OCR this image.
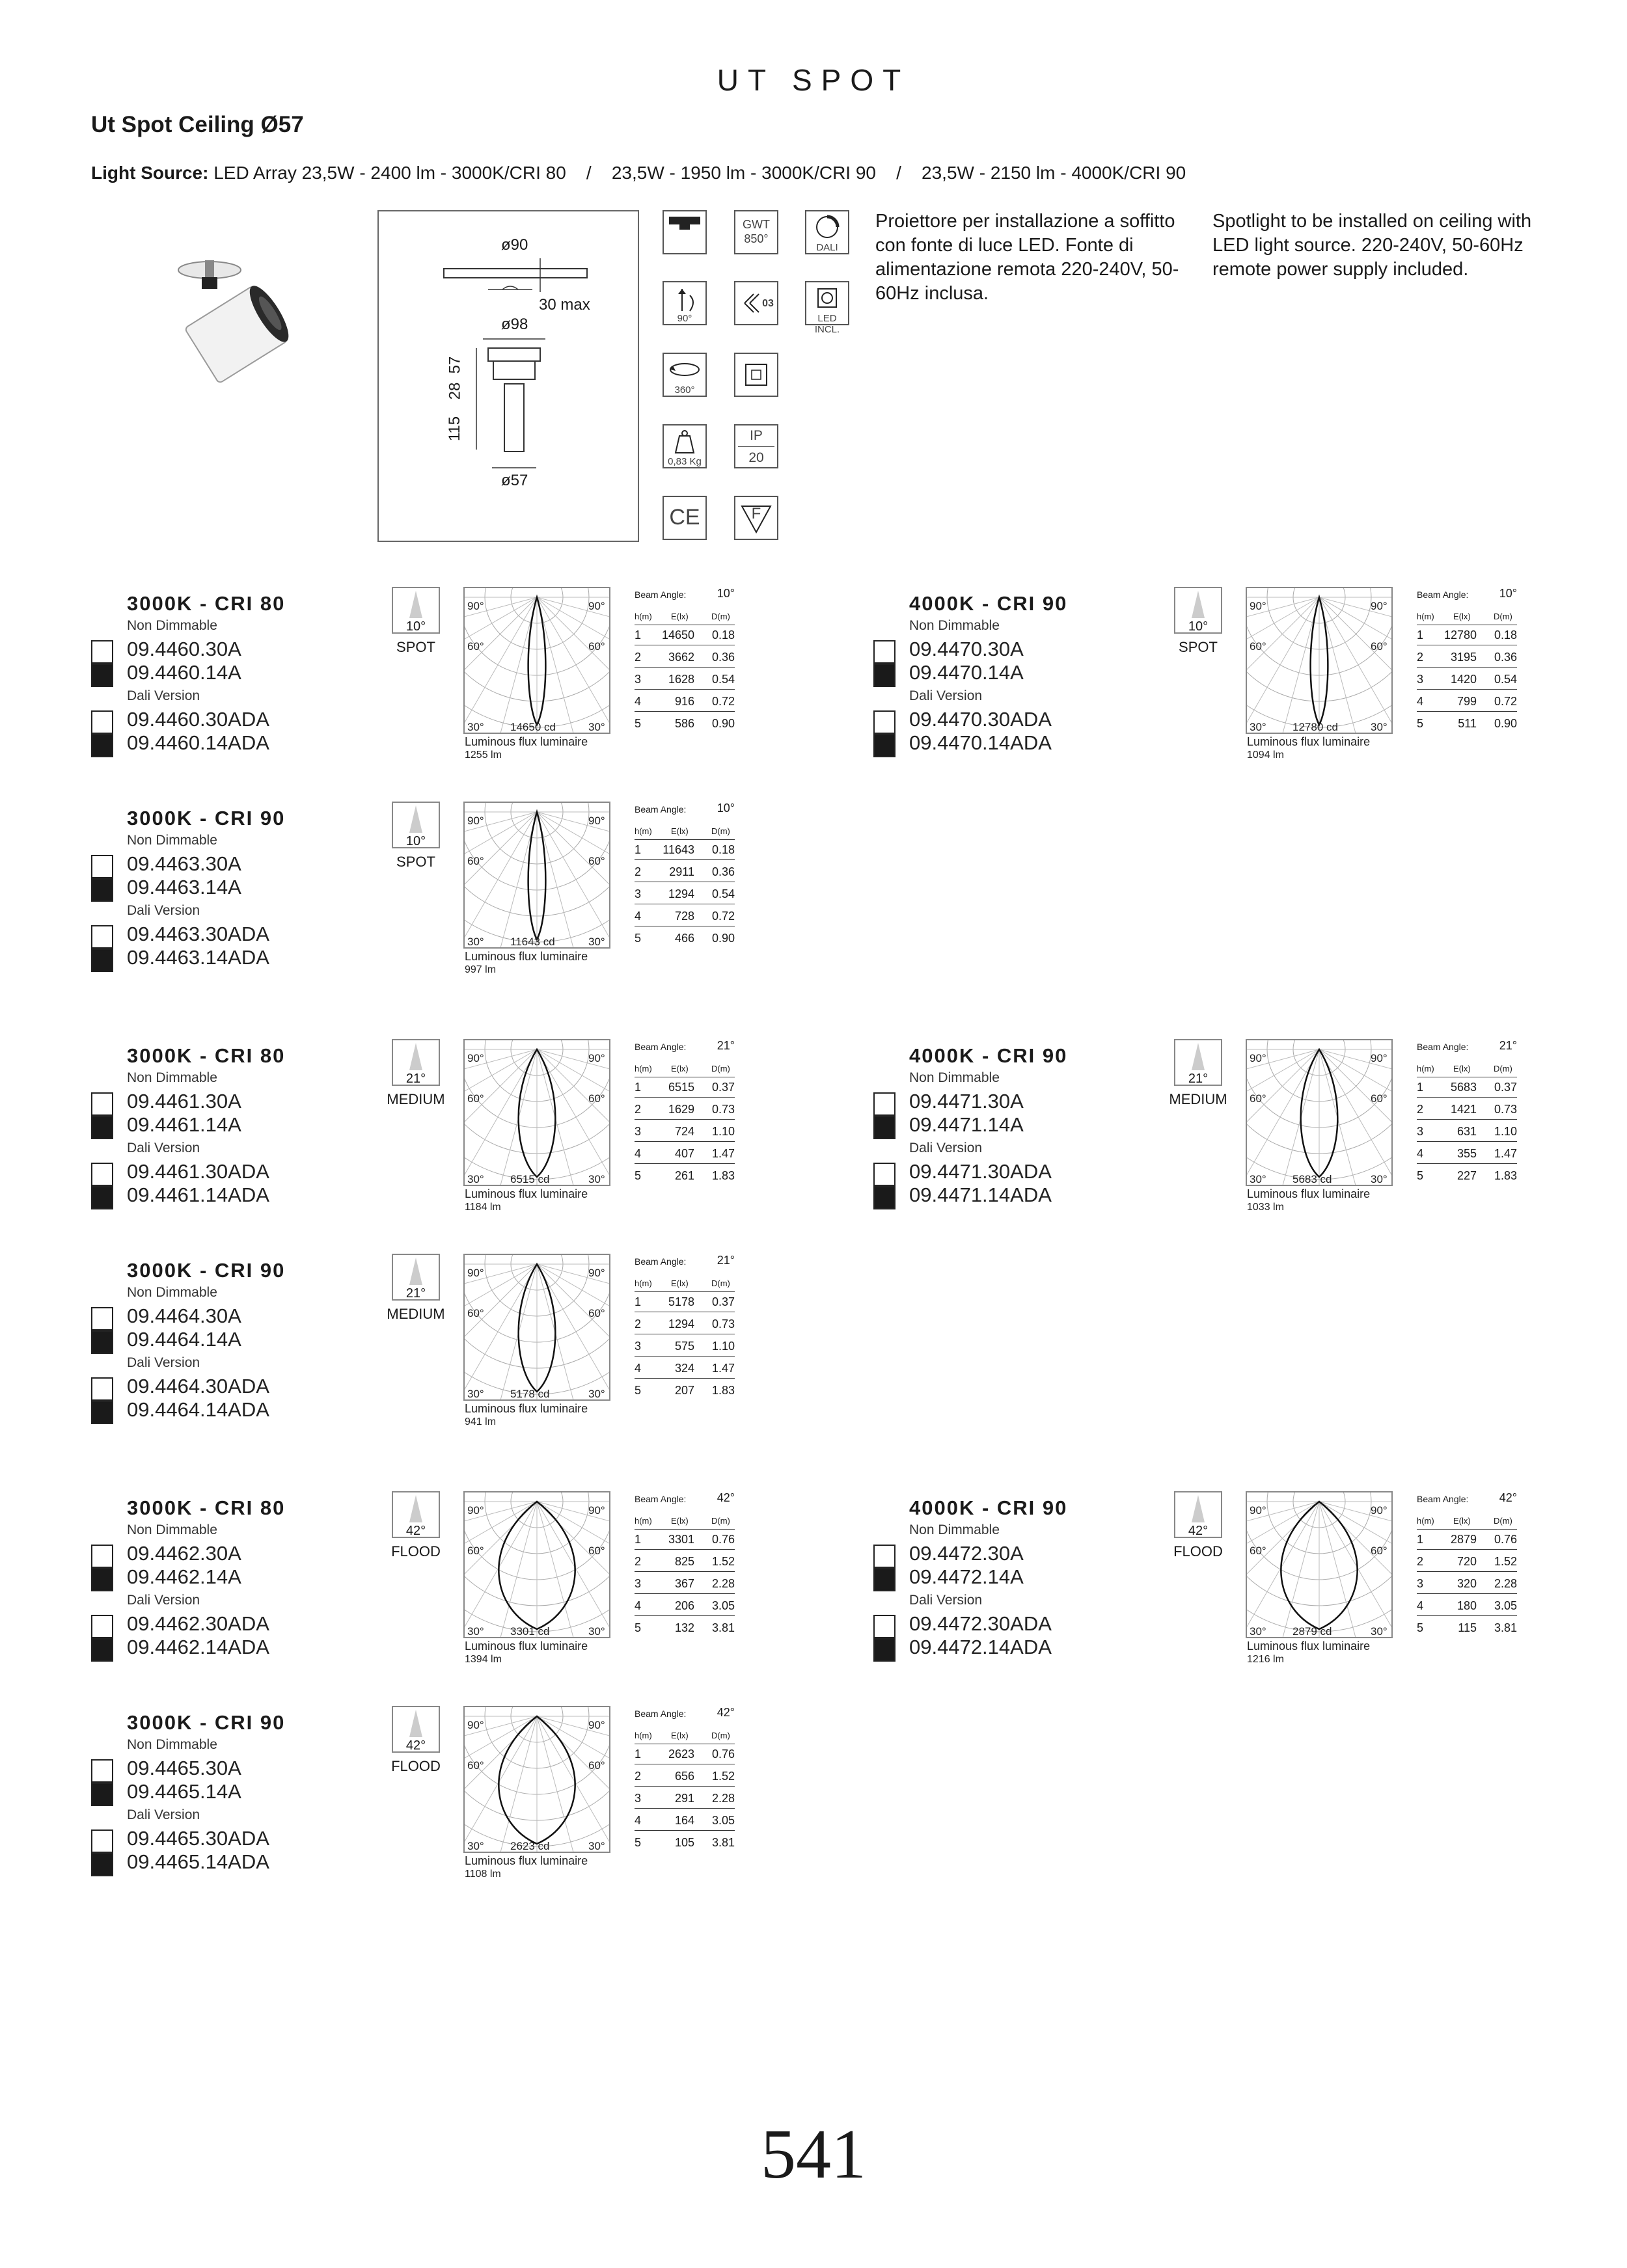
UT SPOT
Ut Spot Ceiling Ø57
Light Source: LED Array 23,5W - 2400 lm - 3000K/CRI 80    /    23,5W - 1950 lm - 3000K/CRI 90    /    23,5W - 2150 lm - 4000K/CRI 90
ø90
30 max
ø98
57
28
115
ø57
GWT
850°
DALI
90°
03
LED INCL.
360°
0,83 Kg
IP
20
CE	F
Proiettore per installazione a soffitto con fonte di luce LED. Fonte di alimentazione remota 220-240V, 50-60Hz inclusa.
Spotlight to be installed on ceiling with LED light source. 220-240V, 50-60Hz remote power supply included.
3000K - CRI 80
Non Dimmable
Dali Version
09.4460.30A
09.4460.14A
09.4460.30ADA
09.4460.14ADA
10°
SPOT
90°	90°
60°	60°
30°	30°
14650 cd
Luminous flux luminaire
1255 lm
Beam Angle:	10°
h(m) E(lx)	D(m)
1 14650 0.18
2 3662 0.36
3 1628 0.54
4	916 0.72
5	586 0.90
4000K - CRI 90
Non Dimmable
Dali Version
09.4470.30A
09.4470.14A
09.4470.30ADA
09.4470.14ADA
10°
SPOT
90°	90°
60°	60°
30°	30°
12780 cd
Luminous flux luminaire
1094 lm
Beam Angle:	10°
h(m) E(lx)	D(m)
1 12780 0.18
2 3195 0.36
3 1420 0.54
4	799 0.72
5	511 0.90
3000K - CRI 90
Non Dimmable
Dali Version
09.4463.30A
09.4463.14A
09.4463.30ADA
09.4463.14ADA
10°
SPOT
90°	90°
60°	60°
30°	30°
11643 cd
Luminous flux luminaire
997 lm
Beam Angle:	10°
h(m) E(lx)	D(m)
1 11643 0.18
2 2911 0.36
3 1294 0.54
4	728 0.72
5	466 0.90
3000K - CRI 80
Non Dimmable
Dali Version
09.4461.30A
09.4461.14A
09.4461.30ADA
09.4461.14ADA
21°
MEDIUM
90°	90°
60°	60°
30°	30°
6515 cd
Luminous flux luminaire
1184 lm
Beam Angle:	21°
h(m) E(lx)	D(m)
1 6515 0.37
2 1629 0.73
3	724 1.10
4	407 1.47
5	261 1.83
4000K - CRI 90
Non Dimmable
Dali Version
09.4471.30A
09.4471.14A
09.4471.30ADA
09.4471.14ADA
21°
MEDIUM
90°	90°
60°	60°
30°	30°
5683 cd
Luminous flux luminaire
1033 lm
Beam Angle:	21°
h(m) E(lx)	D(m)
1 5683 0.37
2 1421 0.73
3	631 1.10
4	355 1.47
5	227 1.83
3000K - CRI 90
Non Dimmable
Dali Version
09.4464.30A
09.4464.14A
09.4464.30ADA
09.4464.14ADA
21°
MEDIUM
90°	90°
60°	60°
30°	30°
5178 cd
Luminous flux luminaire
941 lm
Beam Angle:	21°
h(m) E(lx)	D(m)
1 5178 0.37
2 1294 0.73
3	575 1.10
4	324 1.47
5	207 1.83
3000K - CRI 80
Non Dimmable
Dali Version
09.4462.30A
09.4462.14A
09.4462.30ADA
09.4462.14ADA
42°
FLOOD
90°	90°
60°	60°
30°	30°
3301 cd
Luminous flux luminaire
1394 lm
Beam Angle:	42°
h(m) E(lx)	D(m)
1 3301 0.76
2	825 1.52
3	367 2.28
4	206 3.05
5	132 3.81
4000K - CRI 90
Non Dimmable
Dali Version
09.4472.30A
09.4472.14A
09.4472.30ADA
09.4472.14ADA
42°
FLOOD
90°	90°
60°	60°
30°	30°
2879 cd
Luminous flux luminaire
1216 lm
Beam Angle:	42°
h(m) E(lx)	D(m)
1 2879 0.76
2	720 1.52
3	320 2.28
4	180 3.05
5	115 3.81
3000K - CRI 90
Non Dimmable
Dali Version
09.4465.30A
09.4465.14A
09.4465.30ADA
09.4465.14ADA
42°
FLOOD
90°	90°
60°	60°
30°	30°
2623 cd
Luminous flux luminaire
1108 lm
Beam Angle:	42°
h(m) E(lx)	D(m)
1 2623 0.76
2	656 1.52
3	291 2.28
4	164 3.05
5	105 3.81
541
